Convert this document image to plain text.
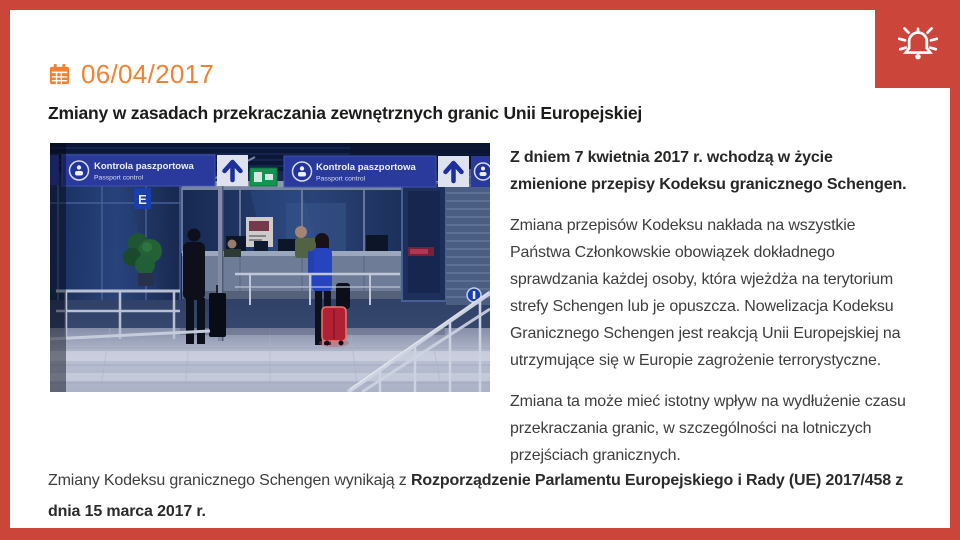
06/04/2017
Zmiany w zasadach przekraczania zewnętrznych granic Unii Europejskiej
E
Kontrola paszportowa
Passport control
Kontrola paszportowa
Passport control

Z dniem 7 kwietnia 2017 r. wchodzą w życie zmienione przepisy Kodeksu granicznego Schengen.

Zmiana przepisów Kodeksu nakłada na wszystkie Państwa Członkowskie obowiązek dokładnego sprawdzania każdej osoby, która wjeżdża na terytorium strefy Schengen lub je opuszcza. Nowelizacja Kodeksu Granicznego Schengen jest reakcją Unii Europejskiej na utrzymujące się w Europie zagrożenie terrorystyczne.

Zmiana ta może mieć istotny wpływ na wydłużenie czasu przekraczania granic, w szczególności na lotniczych przejściach granicznych.

Zmiany Kodeksu granicznego Schengen wynikają z Rozporządzenie Parlamentu Europejskiego i Rady (UE) 2017/458 z dnia 15 marca 2017 r.
